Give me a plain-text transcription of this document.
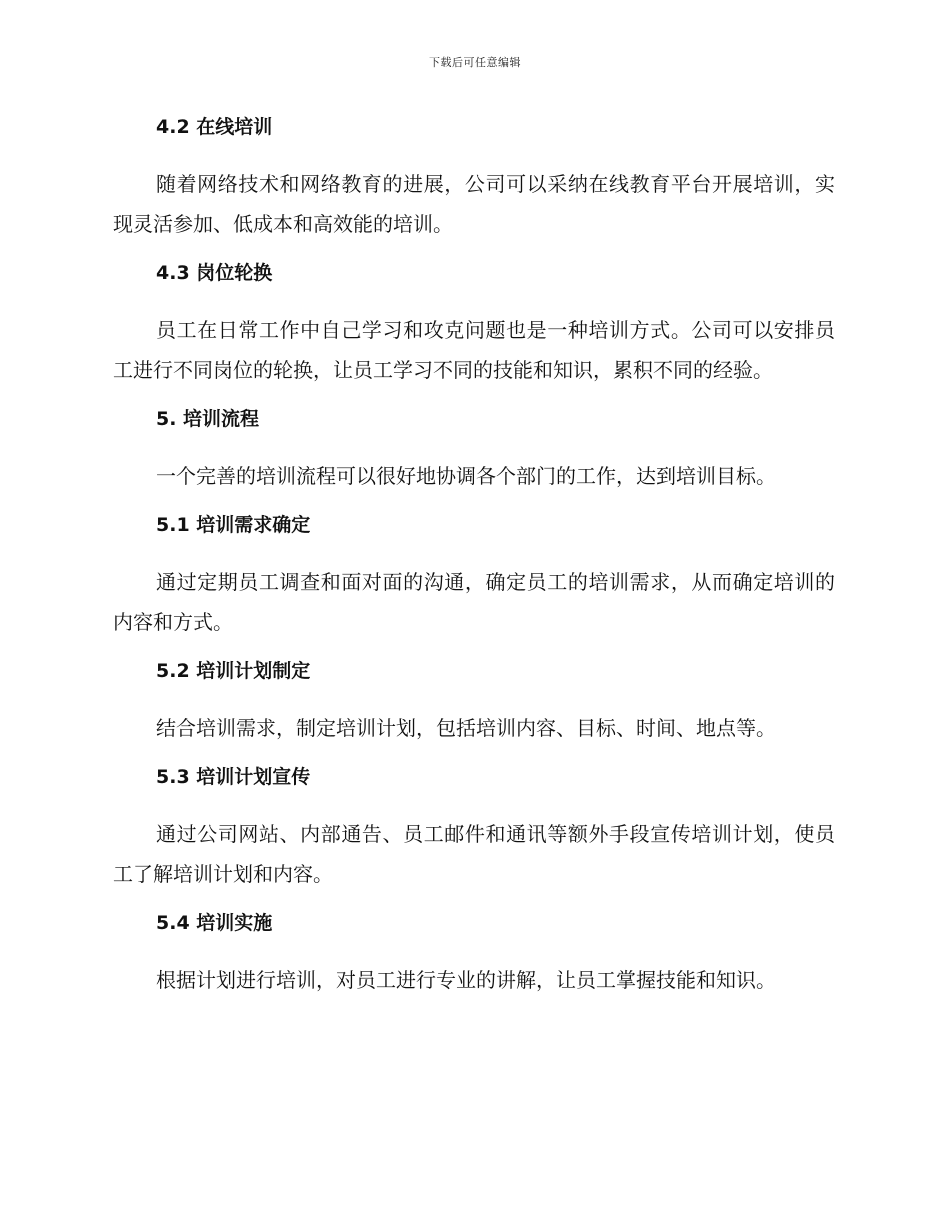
下载后可任意编辑
4.2 在线培训
随着网络技术和网络教育的进展，公司可以采纳在线教育平台开展培训，实现灵活参加、低成本和高效能的培训。
4.3 岗位轮换
员工在日常工作中自己学习和攻克问题也是一种培训方式。公司可以安排员工进行不同岗位的轮换，让员工学习不同的技能和知识，累积不同的经验。
5. 培训流程
一个完善的培训流程可以很好地协调各个部门的工作，达到培训目标。
5.1 培训需求确定
通过定期员工调查和面对面的沟通，确定员工的培训需求，从而确定培训的内容和方式。
5.2 培训计划制定
结合培训需求，制定培训计划，包括培训内容、目标、时间、地点等。
5.3 培训计划宣传
通过公司网站、内部通告、员工邮件和通讯等额外手段宣传培训计划，使员工了解培训计划和内容。
5.4 培训实施
根据计划进行培训，对员工进行专业的讲解，让员工掌握技能和知识。
